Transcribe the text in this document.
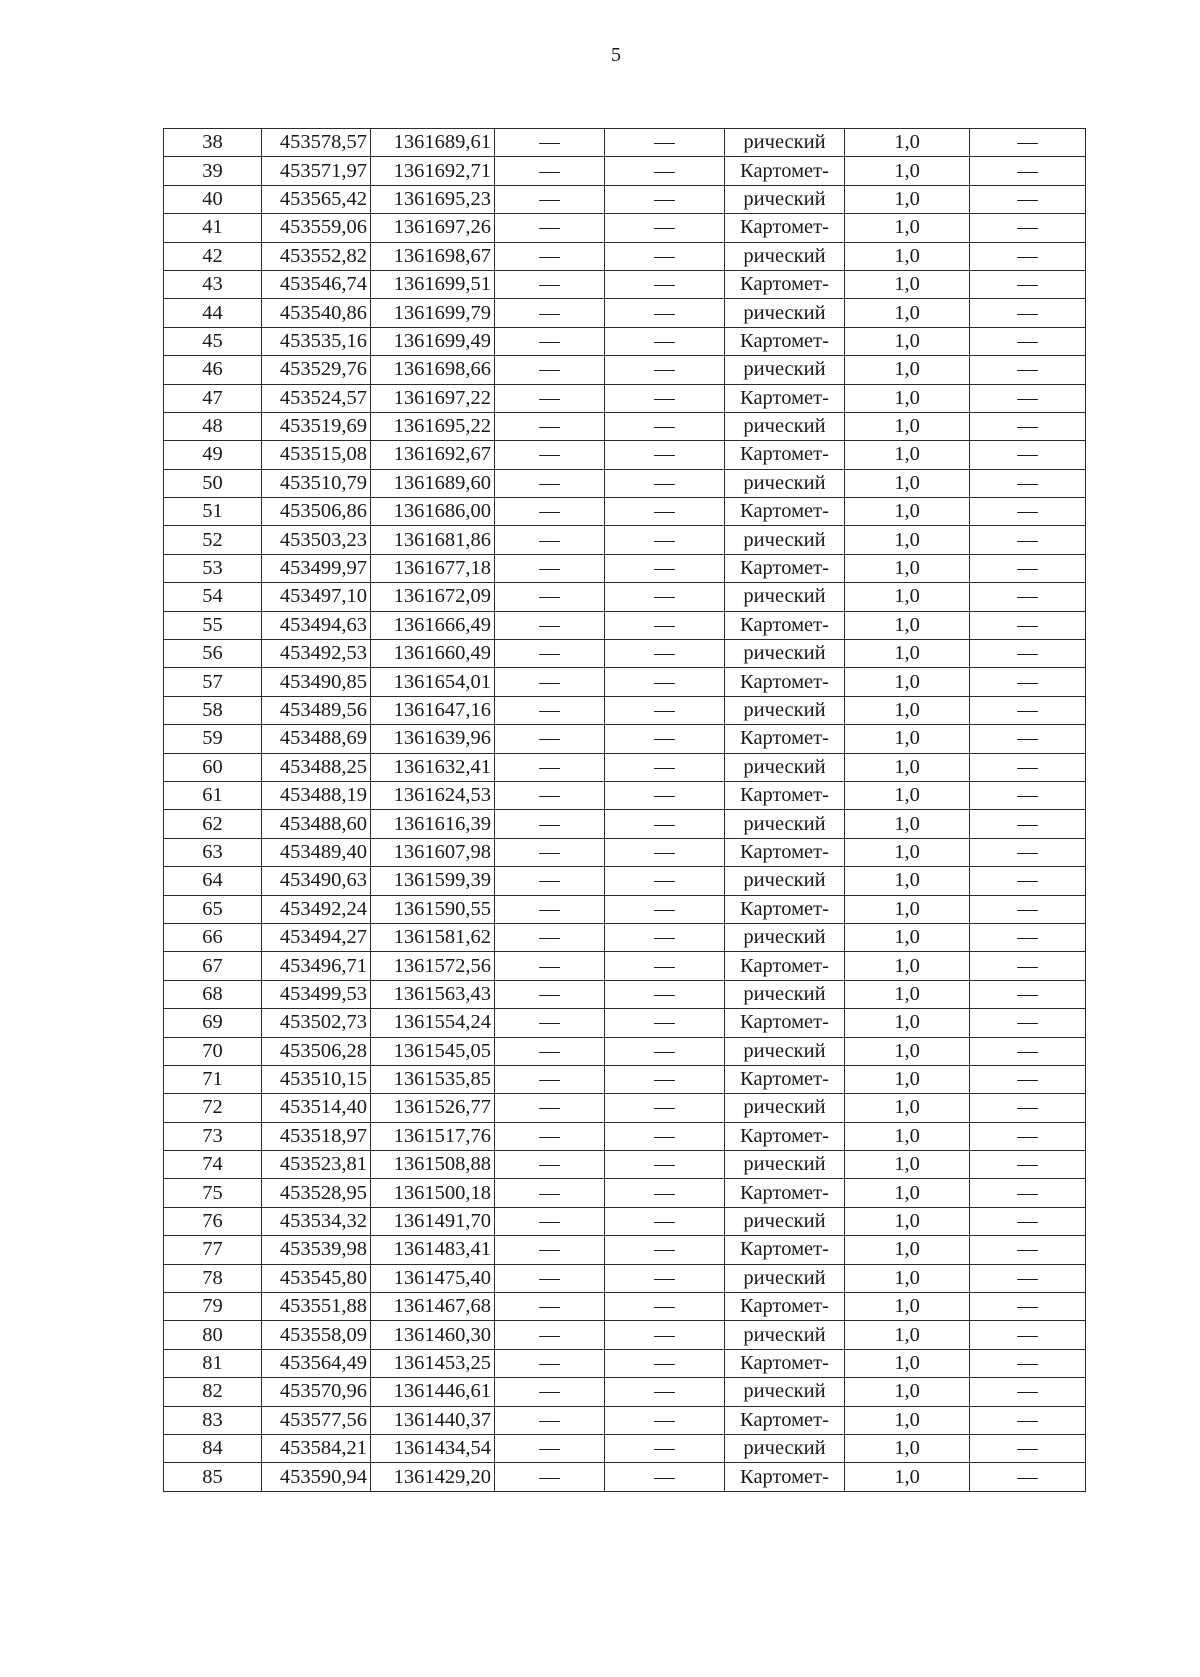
5
38	453578,57	1361689,61	—	—	рический	1,0	—
39	453571,97	1361692,71	—	—	Картомет-	1,0	—
40	453565,42	1361695,23	—	—	рический	1,0	—
41	453559,06	1361697,26	—	—	Картомет-	1,0	—
42	453552,82	1361698,67	—	—	рический	1,0	—
43	453546,74	1361699,51	—	—	Картомет-	1,0	—
44	453540,86	1361699,79	—	—	рический	1,0	—
45	453535,16	1361699,49	—	—	Картомет-	1,0	—
46	453529,76	1361698,66	—	—	рический	1,0	—
47	453524,57	1361697,22	—	—	Картомет-	1,0	—
48	453519,69	1361695,22	—	—	рический	1,0	—
49	453515,08	1361692,67	—	—	Картомет-	1,0	—
50	453510,79	1361689,60	—	—	рический	1,0	—
51	453506,86	1361686,00	—	—	Картомет-	1,0	—
52	453503,23	1361681,86	—	—	рический	1,0	—
53	453499,97	1361677,18	—	—	Картомет-	1,0	—
54	453497,10	1361672,09	—	—	рический	1,0	—
55	453494,63	1361666,49	—	—	Картомет-	1,0	—
56	453492,53	1361660,49	—	—	рический	1,0	—
57	453490,85	1361654,01	—	—	Картомет-	1,0	—
58	453489,56	1361647,16	—	—	рический	1,0	—
59	453488,69	1361639,96	—	—	Картомет-	1,0	—
60	453488,25	1361632,41	—	—	рический	1,0	—
61	453488,19	1361624,53	—	—	Картомет-	1,0	—
62	453488,60	1361616,39	—	—	рический	1,0	—
63	453489,40	1361607,98	—	—	Картомет-	1,0	—
64	453490,63	1361599,39	—	—	рический	1,0	—
65	453492,24	1361590,55	—	—	Картомет-	1,0	—
66	453494,27	1361581,62	—	—	рический	1,0	—
67	453496,71	1361572,56	—	—	Картомет-	1,0	—
68	453499,53	1361563,43	—	—	рический	1,0	—
69	453502,73	1361554,24	—	—	Картомет-	1,0	—
70	453506,28	1361545,05	—	—	рический	1,0	—
71	453510,15	1361535,85	—	—	Картомет-	1,0	—
72	453514,40	1361526,77	—	—	рический	1,0	—
73	453518,97	1361517,76	—	—	Картомет-	1,0	—
74	453523,81	1361508,88	—	—	рический	1,0	—
75	453528,95	1361500,18	—	—	Картомет-	1,0	—
76	453534,32	1361491,70	—	—	рический	1,0	—
77	453539,98	1361483,41	—	—	Картомет-	1,0	—
78	453545,80	1361475,40	—	—	рический	1,0	—
79	453551,88	1361467,68	—	—	Картомет-	1,0	—
80	453558,09	1361460,30	—	—	рический	1,0	—
81	453564,49	1361453,25	—	—	Картомет-	1,0	—
82	453570,96	1361446,61	—	—	рический	1,0	—
83	453577,56	1361440,37	—	—	Картомет-	1,0	—
84	453584,21	1361434,54	—	—	рический	1,0	—
85	453590,94	1361429,20	—	—	Картомет-	1,0	—
